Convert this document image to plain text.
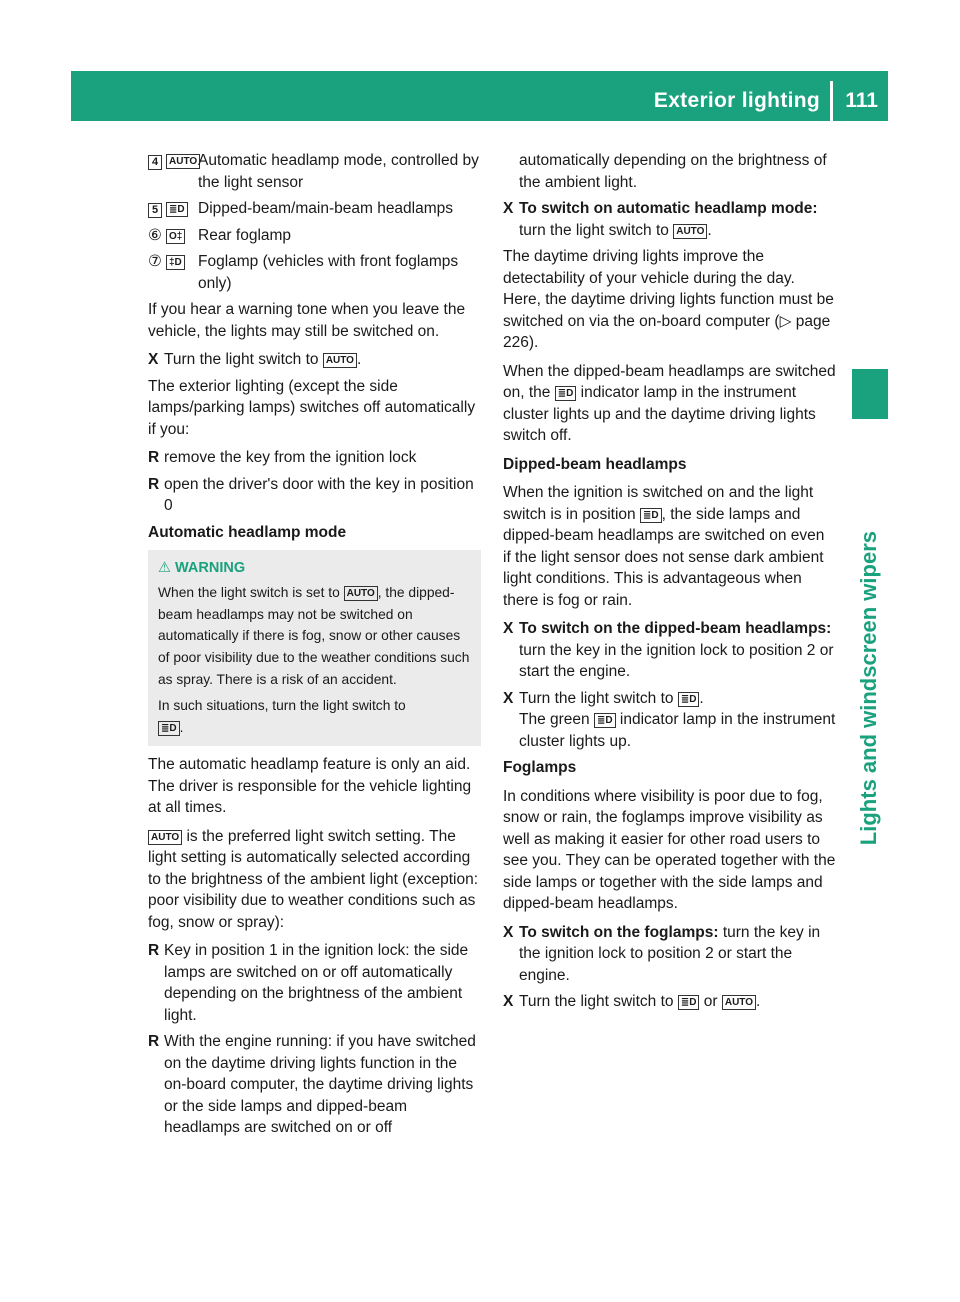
Exterior lighting 111
Lights and windscreen wipers
4	AUTO Automatic headlamp mode, controlled by the light sensor
5	≣D Dipped-beam/main-beam headlamps
⑥ O‡	Rear foglamp
⑦ ‡D	Foglamp (vehicles with front foglamps only)

If you hear a warning tone when you leave the vehicle, the lights may still be switched on.

X Turn the light switch to AUTO .

The exterior lighting (except the side lamps/parking lamps) switches off automatically if you:

R remove the key from the ignition lock
R open the driver's door with the key in position 0
Automatic headlamp mode
⚠ WARNING
When the light switch is set to AUTO , the dipped-beam headlamps may not be switched on automatically if there is fog, snow or other causes of poor visibility due to the weather conditions such as spray. There is a risk of an accident.
In such situations, turn the light switch to
≣D .

The automatic headlamp feature is only an aid. The driver is responsible for the vehicle lighting at all times.

AUTO is the preferred light switch setting. The light setting is automatically selected according to the brightness of the ambient light (exception: poor visibility due to weather conditions such as fog, snow or spray):

R Key in position 1 in the ignition lock: the side lamps are switched on or off automatically depending on the brightness of the ambient light.
R With the engine running: if you have switched on the daytime driving lights function in the on-board computer, the daytime driving lights or the side lamps and dipped-beam headlamps are switched on or off
automatically depending on the brightness of the ambient light.
X To switch on automatic headlamp mode: turn the light switch to AUTO .

The daytime driving lights improve the detectability of your vehicle during the day. Here, the daytime driving lights function must be switched on via the on-board computer (▷ page 226).

When the dipped-beam headlamps are switched on, the ≣D indicator lamp in the instrument cluster lights up and the daytime driving lights switch off.

Dipped-beam headlamps

When the ignition is switched on and the light switch is in position ≣D , the side lamps and dipped-beam headlamps are switched on even if the light sensor does not sense dark ambient light conditions. This is advantageous when there is fog or rain.

X To switch on the dipped-beam headlamps: turn the key in the ignition lock to position 2 or start the engine.
X Turn the light switch to ≣D .
The green ≣D indicator lamp in the instrument cluster lights up.
Foglamps

In conditions where visibility is poor due to fog, snow or rain, the foglamps improve visibility as well as making it easier for other road users to see you. They can be operated together with the side lamps or together with the side lamps and dipped-beam headlamps.

X To switch on the foglamps: turn the key in the ignition lock to position 2 or start the engine.
X Turn the light switch to ≣D or AUTO .
